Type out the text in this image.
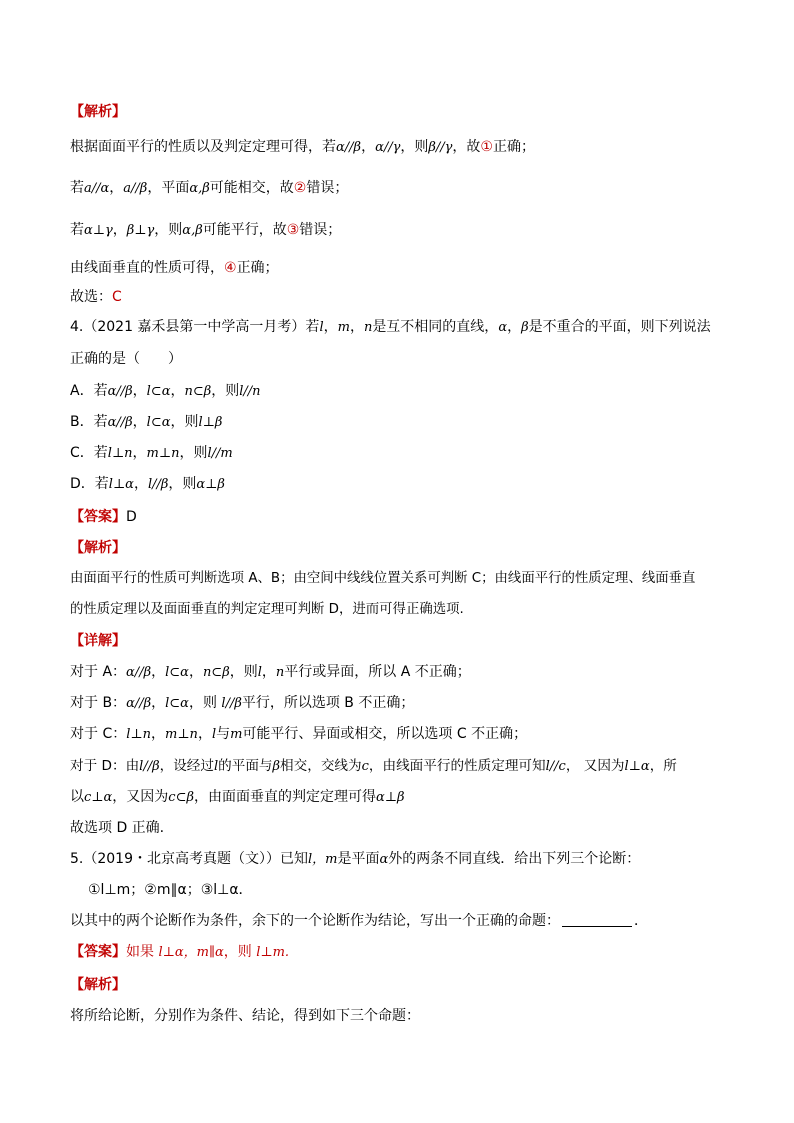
【解析】
根据面面平行的性质以及判定定理可得，若α//β，α//γ，则β//γ，故①正确；
若a//α，a//β，平面α,β可能相交，故②错误；
若α⊥γ，β⊥γ，则α,β可能平行，故③错误；
由线面垂直的性质可得，④正确；
故选：C
4.（2021 嘉禾县第一中学高一月考）若l，m，n是互不相同的直线，α，β是不重合的平面，则下列说法
正确的是（　　）
A．若α//β，l⊂α，n⊂β，则l//n
B．若α//β，l⊂α，则l⊥β
C．若l⊥n，m⊥n，则l//m
D．若l⊥α，l//β，则α⊥β
【答案】D
【解析】
由面面平行的性质可判断选项 A、B；由空间中线线位置关系可判断 C；由线面平行的性质定理、线面垂直
的性质定理以及面面垂直的判定定理可判断 D，进而可得正确选项.
【详解】
对于 A：α//β，l⊂α，n⊂β，则l，n平行或异面，所以 A 不正确；
对于 B：α//β，l⊂α，则 l//β平行，所以选项 B 不正确；
对于 C：l⊥n，m⊥n，l与m可能平行、异面或相交，所以选项 C 不正确；
对于 D：由l//β，设经过l的平面与β相交，交线为c，由线面平行的性质定理可知l//c， 又因为l⊥α，所
以c⊥α，又因为c⊂β，由面面垂直的判定定理可得α⊥β
故选项 D 正确.
5.（2019・北京高考真题（文））已知l，m是平面α外的两条不同直线．给出下列三个论断：
①l⊥m；②m∥α；③l⊥α．
以其中的两个论断作为条件，余下的一个论断作为结论，写出一个正确的命题：	．
【答案】如果 l⊥α，m∥α，则 l⊥m.
【解析】
将所给论断，分别作为条件、结论，得到如下三个命题：
